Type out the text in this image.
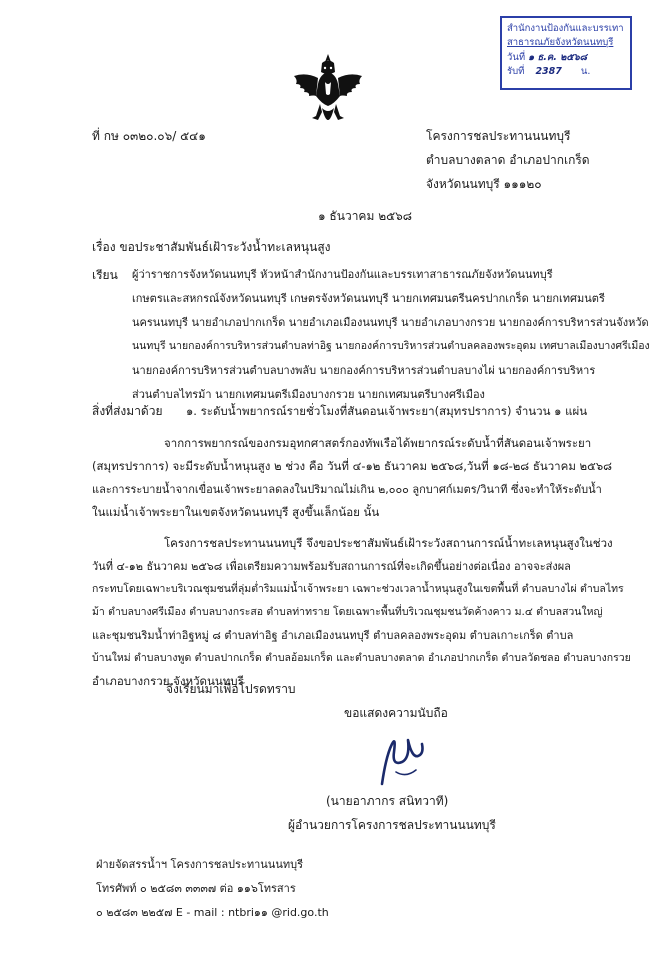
สำนักงานป้องกันและบรรเทา
สาธารณภัยจังหวัดนนทบุรี
วันที่ ๑ ธ.ค. ๒๕๖๘
รับที่ 2387 น.
ที่ กษ ๐๓๒๐.๐๖/ ๕๔๑	โครงการชลประทานนนทบุรี
ตำบลบางตลาด อำเภอปากเกร็ด
จังหวัดนนทบุรี ๑๑๑๒๐
๑ ธันวาคม ๒๕๖๘
เรื่อง ขอประชาสัมพันธ์เฝ้าระวังน้ำทะเลหนุนสูง
เรียน ผู้ว่าราชการจังหวัดนนทบุรี หัวหน้าสำนักงานป้องกันและบรรเทาสาธารณภัยจังหวัดนนทบุรี
เกษตรและสหกรณ์จังหวัดนนทบุรี เกษตรจังหวัดนนทบุรี นายกเทศมนตรีนครปากเกร็ด นายกเทศมนตรี
นครนนทบุรี นายอำเภอปากเกร็ด นายอำเภอเมืองนนทบุรี นายอำเภอบางกรวย นายกองค์การบริหารส่วนจังหวัด
นนทบุรี นายกองค์การบริหารส่วนตำบลท่าอิฐ นายกองค์การบริหารส่วนตำบลคลองพระอุดม เทศบาลเมืองบางศรีเมือง
นายกองค์การบริหารส่วนตำบลบางพลับ นายกองค์การบริหารส่วนตำบลบางไผ่ นายกองค์การบริหาร
ส่วนตำบลไทรม้า นายกเทศมนตรีเมืองบางกรวย นายกเทศมนตรีบางศรีเมือง
สิ่งที่ส่งมาด้วย ๑. ระดับน้ำพยากรณ์รายชั่วโมงที่สันดอนเจ้าพระยา(สมุทรปราการ) จำนวน ๑ แผ่น
จากการพยากรณ์ของกรมอุทกศาสตร์กองทัพเรือได้พยากรณ์ระดับน้ำที่สันดอนเจ้าพระยา
(สมุทรปราการ) จะมีระดับน้ำหนุนสูง ๒ ช่วง คือ วันที่ ๔-๑๒ ธันวาคม ๒๕๖๘,วันที่ ๑๘-๒๘ ธันวาคม ๒๕๖๘
และการระบายน้ำจากเขื่อนเจ้าพระยาลดลงในปริมาณไม่เกิน ๒,๐๐๐ ลูกบาศก์เมตร/วินาที ซึ่งจะทำให้ระดับน้ำ
ในแม่น้ำเจ้าพระยาในเขตจังหวัดนนทบุรี สูงขึ้นเล็กน้อย นั้น
โครงการชลประทานนนทบุรี จึงขอประชาสัมพันธ์เฝ้าระวังสถานการณ์น้ำทะเลหนุนสูงในช่วง
วันที่ ๔-๑๒ ธันวาคม ๒๕๖๘ เพื่อเตรียมความพร้อมรับสถานการณ์ที่จะเกิดขึ้นอย่างต่อเนื่อง อาจจะส่งผล
กระทบโดยเฉพาะบริเวณชุมชนที่ลุ่มต่ำริมแม่น้ำเจ้าพระยา เฉพาะช่วงเวลาน้ำหนุนสูงในเขตพื้นที่ ตำบลบางไผ่ ตำบลไทร
ม้า ตำบลบางศรีเมือง ตำบลบางกระสอ ตำบลท่าทราย โดยเฉพาะพื้นที่บริเวณชุมชนวัดค้างคาว ม.๔ ตำบลสวนใหญ่
และชุมชนริมน้ำท่าอิฐหมู่ ๘ ตำบลท่าอิฐ อำเภอเมืองนนทบุรี ตำบลคลองพระอุดม ตำบลเกาะเกร็ด ตำบล
บ้านใหม่ ตำบลบางพูด ตำบลปากเกร็ด ตำบลอ้อมเกร็ด และตำบลบางตลาด อำเภอปากเกร็ด ตำบลวัดชลอ ตำบลบางกรวย
อำเภอบางกรวย จังหวัดนนทบุรี
จึงเรียนมาเพื่อโปรดทราบ
ขอแสดงความนับถือ
(นายอาภากร สนิทวาที)
ผู้อำนวยการโครงการชลประทานนนทบุรี
ฝ่ายจัดสรรน้ำฯ โครงการชลประทานนนทบุรี
โทรศัพท์ ๐ ๒๕๘๓ ๓๓๓๗ ต่อ ๑๑๖โทรสาร
๐ ๒๕๘๓ ๒๒๕๗ E - mail : ntbri๑๑ @rid.go.th
